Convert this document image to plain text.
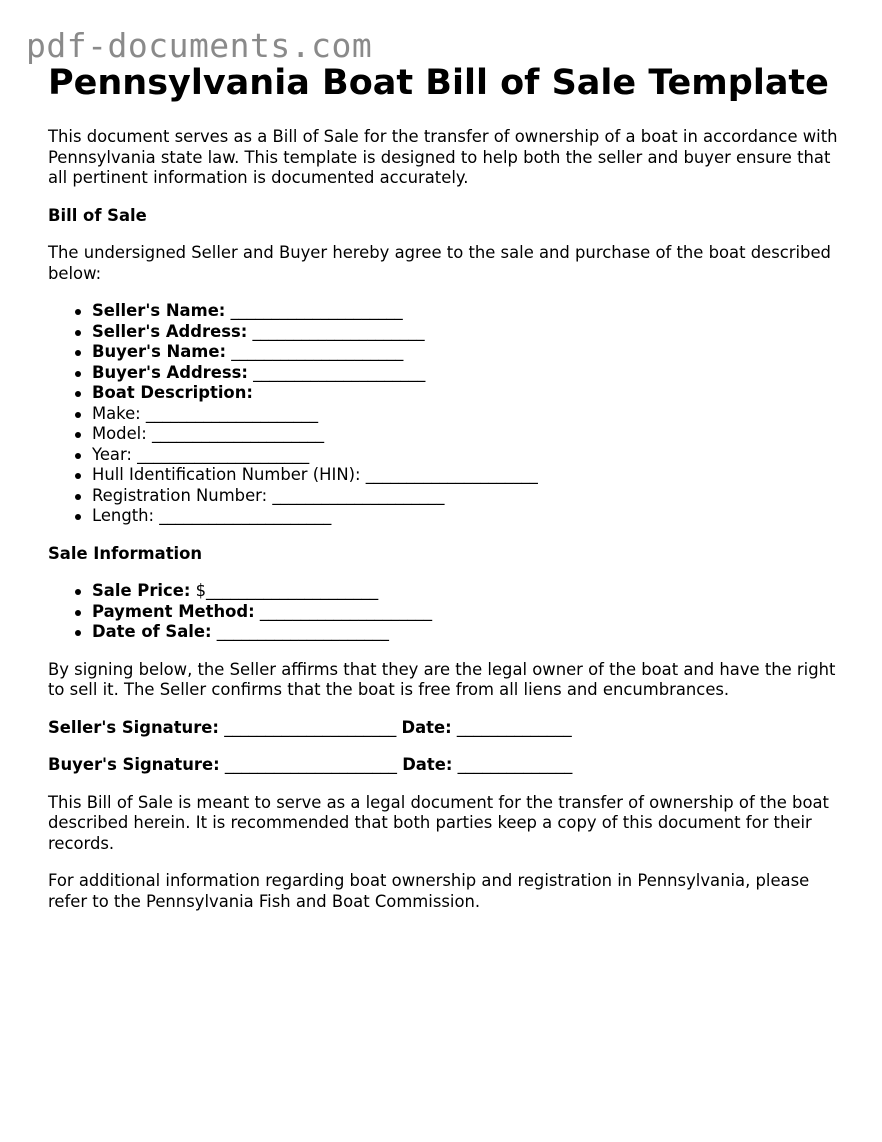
pdf-documents.com
Pennsylvania Boat Bill of Sale Template

This document serves as a Bill of Sale for the transfer of ownership of a boat in accordance with Pennsylvania state law. This template is designed to help both the seller and buyer ensure that all pertinent information is documented accurately.

Bill of Sale

The undersigned Seller and Buyer hereby agree to the sale and purchase of the boat described below:

Seller's Name: _____________________
Seller's Address: _____________________
Buyer's Name: _____________________
Buyer's Address: _____________________
Boat Description:
Make: _____________________
Model: _____________________
Year: _____________________
Hull Identification Number (HIN): _____________________
Registration Number: _____________________
Length: _____________________
Sale Information
Sale Price: $_____________________
Payment Method: _____________________
Date of Sale: _____________________

By signing below, the Seller affirms that they are the legal owner of the boat and have the right to sell it. The Seller confirms that the boat is free from all liens and encumbrances.

Seller's Signature: _____________________ Date: ______________
Buyer's Signature: _____________________ Date: ______________

This Bill of Sale is meant to serve as a legal document for the transfer of ownership of the boat described herein. It is recommended that both parties keep a copy of this document for their records.

For additional information regarding boat ownership and registration in Pennsylvania, please refer to the Pennsylvania Fish and Boat Commission.
